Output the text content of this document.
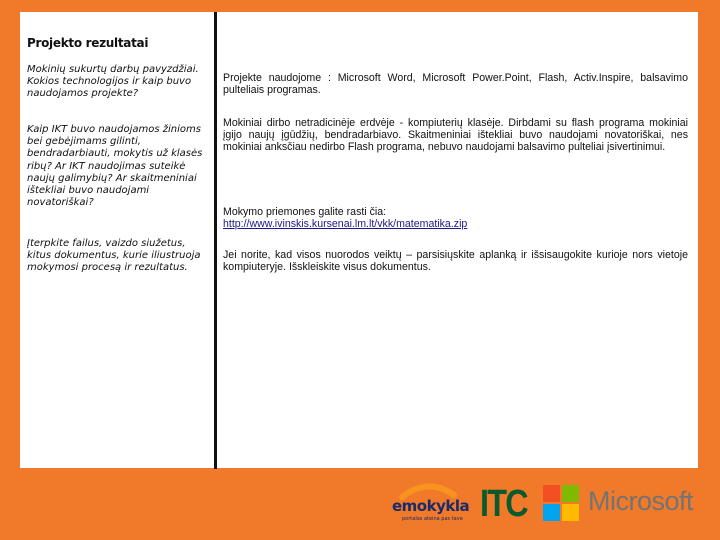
Projekto rezultatai
Mokinių sukurtų darbų pavyzdžiai. Kokios technologijos ir kaip buvo naudojamos projekte?
Projekte naudojome : Microsoft Word, Microsoft Power.Point, Flash, Activ.Inspire, balsavimo pulteliais programas.
Kaip IKT buvo naudojamos žinioms bei gebėjimams gilinti, bendradarbiauti, mokytis už klasės ribų? Ar IKT naudojimas suteikė naujų galimybių? Ar skaitmeniniai ištekliai buvo naudojami novatoriškai?
Mokiniai dirbo netradicinėje erdvėje - kompiuterių klasėje. Dirbdami su flash programa mokiniai įgijo naujų įgūdžių, bendradarbiavo. Skaitmeniniai ištekliai buvo naudojami novatoriškai, nes mokiniai anksčiau nedirbo Flash programa, nebuvo naudojami balsavimo pulteliai įsivertinimui.
Mokymo priemones galite rasti čia:
http://www.ivinskis.kursenai.lm.lt/vkk/matematika.zip
Įterpkite failus, vaizdo siužetus, kitus dokumentus, kurie iliustruoja mokymosi procesą ir rezultatus.
Jei norite, kad visos nuorodos veiktų – parsisiųskite aplanką ir išsisaugokite kurioje nors vietoje kompiuteryje. Išskleiskite visus dokumentus.
emokykla
portalas ateina pas tave ITC Microsoft
